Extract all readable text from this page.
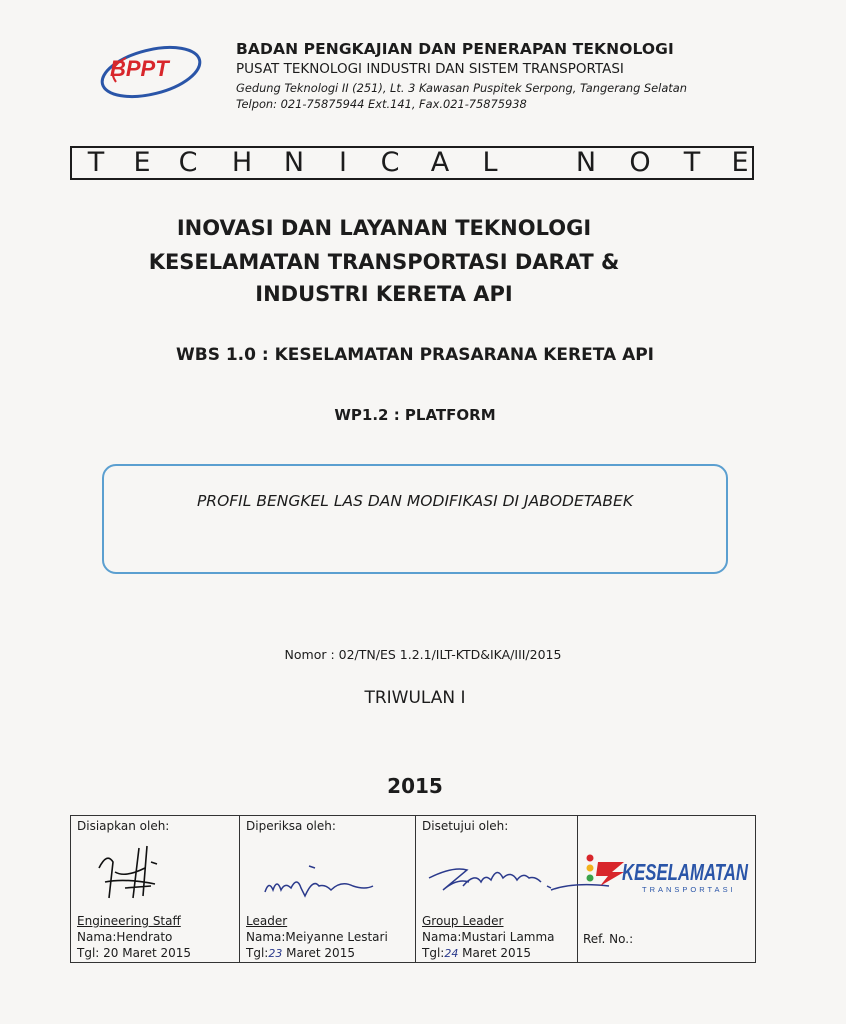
BPPT
BADAN PENGKAJIAN DAN PENERAPAN TEKNOLOGI
PUSAT TEKNOLOGI INDUSTRI DAN SISTEM TRANSPORTASI
Gedung Teknologi II (251), Lt. 3 Kawasan Puspitek Serpong, Tangerang Selatan
Telpon: 021-75875944 Ext.141, Fax.021-75875938
T E C H N I C A L	N O T E
INOVASI DAN LAYANAN TEKNOLOGI
KESELAMATAN TRANSPORTASI DARAT &
INDUSTRI KERETA API
WBS 1.0 : KESELAMATAN PRASARANA KERETA API
WP1.2 : PLATFORM
PROFIL BENGKEL LAS DAN MODIFIKASI DI JABODETABEK
Nomor : 02/TN/ES 1.2.1/ILT-KTD&IKA/III/2015
TRIWULAN I
2015
Disiapkan oleh:
Engineering Staff
Nama:Hendrato
Tgl: 20 Maret 2015
Diperiksa oleh:
Leader
Nama:Meiyanne Lestari
Tgl:23 Maret 2015
Disetujui oleh:
Group Leader
Nama:Mustari Lamma
Tgl:24 Maret 2015
Ref. No.:
KESELAMATAN
TRANSPORTASI
